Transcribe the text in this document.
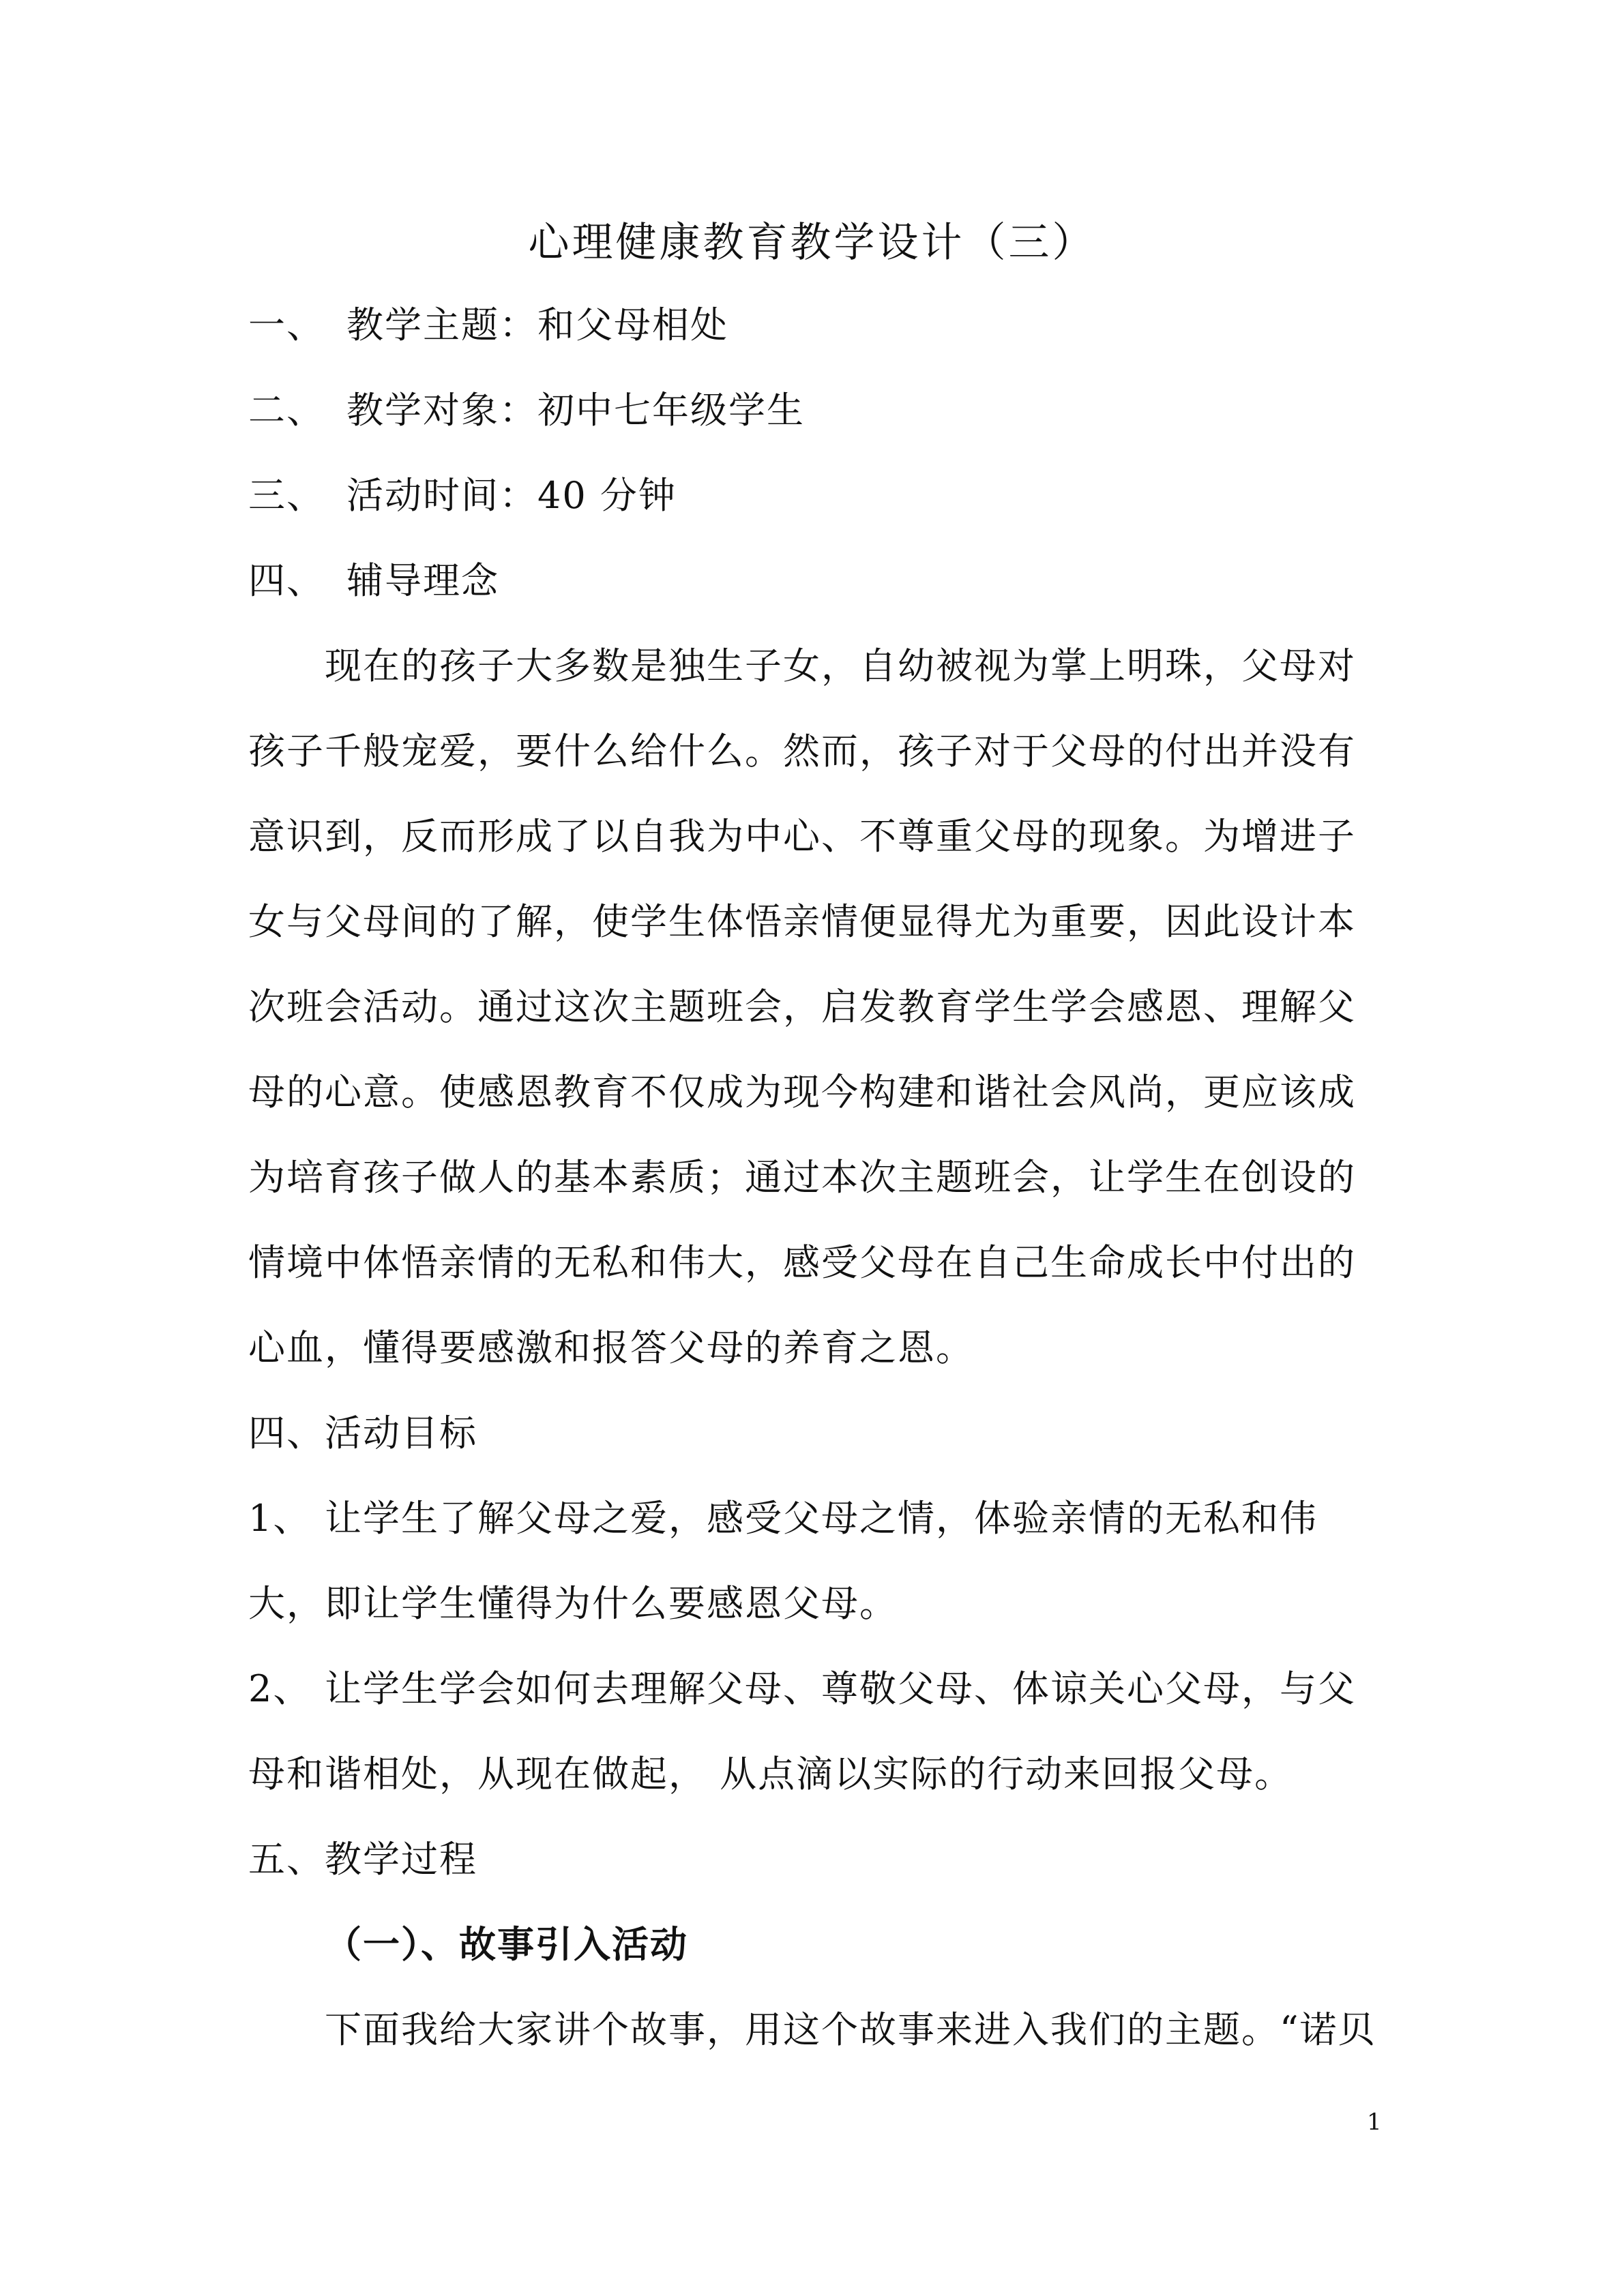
心理健康教育教学设计（三）
一、 教学主题：和父母相处
二、 教学对象：初中七年级学生
三、 活动时间：40 分钟
四、 辅导理念
现在的孩子大多数是独生子女，自幼被视为掌上明珠，父母对
孩子千般宠爱，要什么给什么。然而，孩子对于父母的付出并没有
意识到，反而形成了以自我为中心、不尊重父母的现象。为增进子
女与父母间的了解，使学生体悟亲情便显得尤为重要，因此设计本
次班会活动。通过这次主题班会，启发教育学生学会感恩、理解父
母的心意。使感恩教育不仅成为现今构建和谐社会风尚，更应该成
为培育孩子做人的基本素质；通过本次主题班会，让学生在创设的
情境中体悟亲情的无私和伟大，感受父母在自己生命成长中付出的
心血，懂得要感激和报答父母的养育之恩。
四、活动目标
1、 让学生了解父母之爱，感受父母之情，体验亲情的无私和伟
大，即让学生懂得为什么要感恩父母。
2、 让学生学会如何去理解父母、尊敬父母、体谅关心父母，与父
母和谐相处，从现在做起， 从点滴以实际的行动来回报父母。
五、教学过程
（一）、故事引入活动
下面我给大家讲个故事，用这个故事来进入我们的主题。“诺贝
1
